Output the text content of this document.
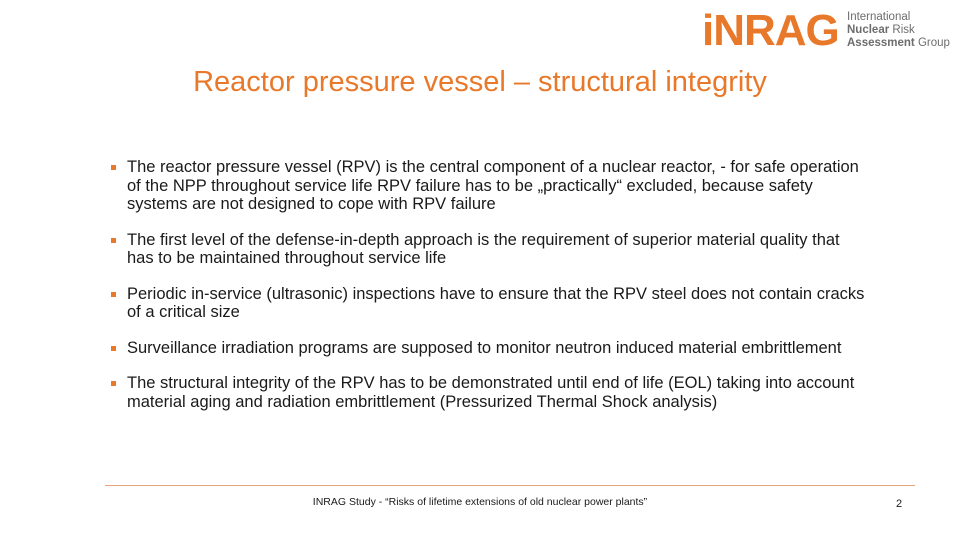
iNRAG International
Nuclear Risk
Assessment Group
Reactor pressure vessel – structural integrity
The reactor pressure vessel (RPV) is the central component of a nuclear reactor, - for safe operation of the NPP throughout service life RPV failure has to be „practically“ excluded, because safety systems are not designed to cope with RPV failure
The first level of the defense-in-depth approach is the requirement of superior material quality that has to be maintained throughout service life
Periodic in-service (ultrasonic) inspections have to ensure that the RPV steel does not contain cracks of a critical size
Surveillance irradiation programs are supposed to monitor neutron induced material embrittlement
The structural integrity of the RPV has to be demonstrated until end of life (EOL) taking into account material aging and radiation embrittlement (Pressurized Thermal Shock analysis)
INRAG Study - “Risks of lifetime extensions of old nuclear power plants”	2
